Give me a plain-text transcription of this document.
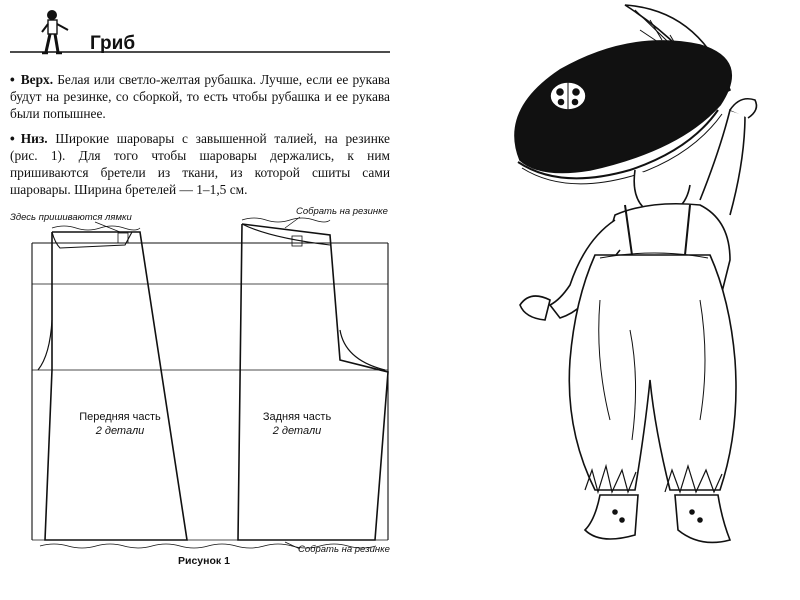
Гриб

• Верх. Белая или светло-желтая рубашка. Лучше, если ее рукава будут на резинке, со сборкой, то есть чтобы рубашка и ее рукава были попышнее.

• Низ. Широкие шаровары с завышенной талией, на резинке (рис. 1). Для того чтобы шаровары держались, к ним пришиваются бретели из ткани, из которой сшиты сами шаровары. Ширина бретелей — 1–1,5 см.

Здесь пришиваются лямки
Собрать на резинке
Собрать на резинке
Передняя часть
2 детали
Задняя часть
2 детали
Рисунок 1
